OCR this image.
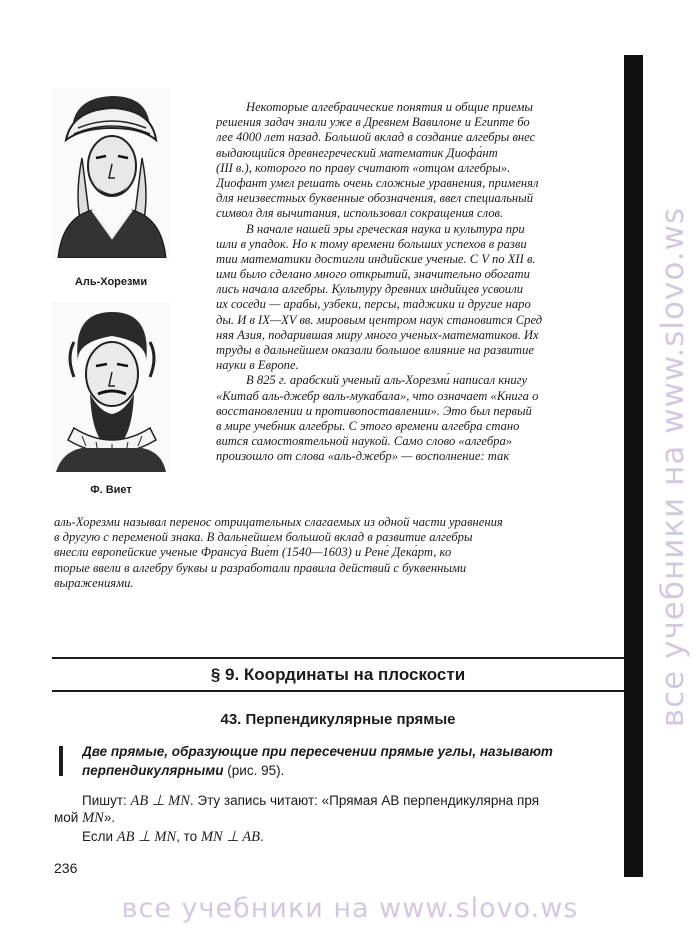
Аль-Хорезми
Ф. Виет
Некоторые алгебраические понятия и общие приемы
решения задач знали уже в Древнем Вавилоне и Египте бо
лее 4000 лет назад. Большой вклад в создание алгебры внес
выдающийся древнегреческий математик Диофа́нт
(III в.), которого по праву считают «отцом алгебры».
Диофант умел решать очень сложные уравнения, применял
для неизвестных буквенные обозначения, ввел специальный
символ для вычитания, использовал сокращения слов.
В начале нашей эры греческая наука и культура при
шли в упадок. Но к тому времени больших успехов в разви
тии математики достигли индийские ученые. С V по XII в.
ими было сделано много открытий, значительно обогати
лись начала алгебры. Культуру древних индийцев усвоили
их соседи — арабы, узбеки, персы, таджики и другие наро
ды. И в IX—XV вв. мировым центром наук становится Сред
няя Азия, подарившая миру много ученых-математиков. Их
труды в дальнейшем оказали большое влияние на развитие
науки в Европе.
В 825 г. арабский ученый аль-Хорезми́ написал книгу
«Китаб аль-джебр валь-мукабала», что означает «Книга о
восстановлении и противопоставлении». Это был первый
в мире учебник алгебры. С этого времени алгебра стано
вится самостоятельной наукой. Само слово «алгебра»
произошло от слова «аль-джебр» — восполнение: так
аль-Хорезми называл перенос отрицательных слагаемых из одной части уравнения
в другую с переменой знака. В дальнейшем большой вклад в развитие алгебры
внесли европейские ученые Франсуа́ Вие́т (1540—1603) и Рене́ Дека́рт, ко
торые ввели в алгебру буквы и разработали правила действий с буквенными
выражениями.
§ 9. Координаты на плоскости
43. Перпендикулярные прямые
Две прямые, образующие при пересечении прямые углы, называют
перпендикулярными (рис. 95).
Пишут: AB ⊥ MN. Эту запись читают: «Прямая AB перпендикулярна пря
мой MN».
Если AB ⊥ MN, то MN ⊥ AB.
236
все учебники на www.slovo.ws
все учебники на www.slovo.ws
